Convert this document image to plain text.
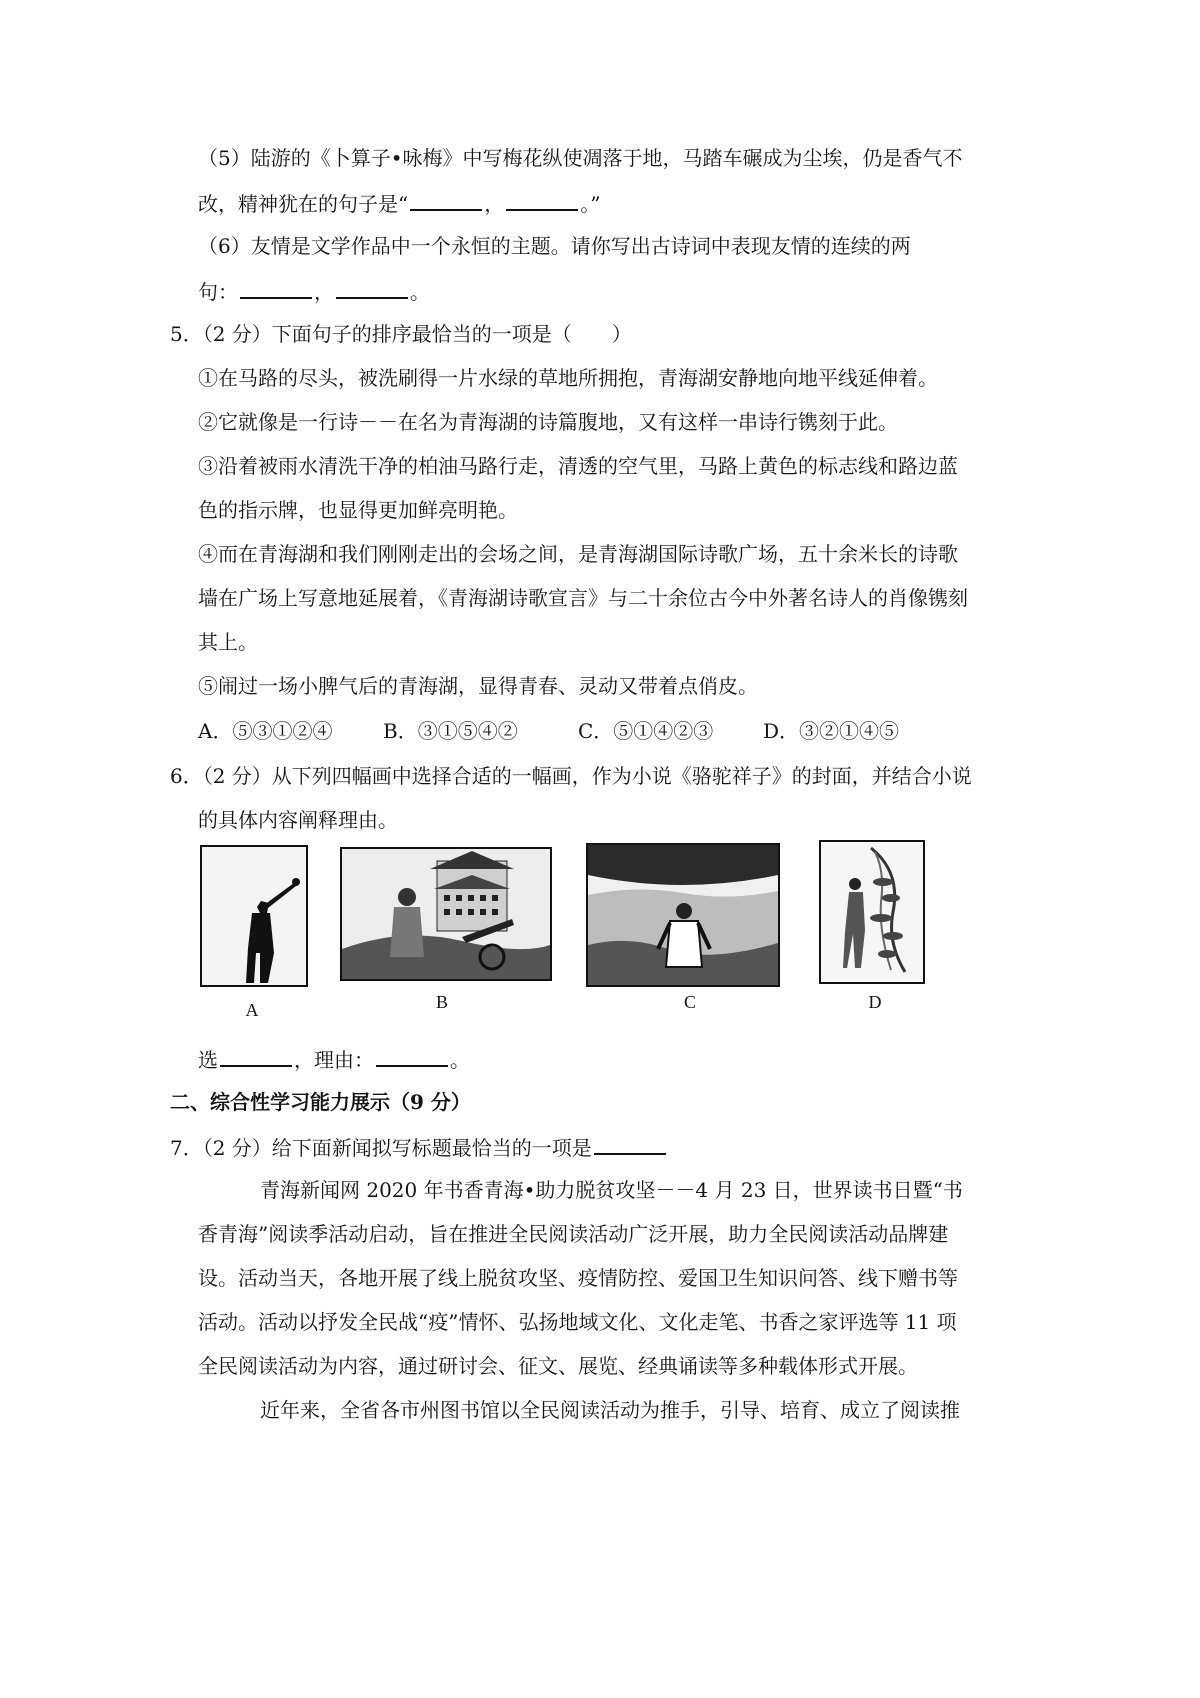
（5）陆游的《卜算子•咏梅》中写梅花纵使凋落于地，马踏车碾成为尘埃，仍是香气不
改，精神犹在的句子是“	，	。”
（6）友情是文学作品中一个永恒的主题。请你写出古诗词中表现友情的连续的两
句：	，	。
5．（2 分）下面句子的排序最恰当的一项是（　　）
①在马路的尽头，被洗刷得一片水绿的草地所拥抱，青海湖安静地向地平线延伸着。
②它就像是一行诗－－在名为青海湖的诗篇腹地，又有这样一串诗行镌刻于此。
③沿着被雨水清洗干净的柏油马路行走，清透的空气里，马路上黄色的标志线和路边蓝
色的指示牌，也显得更加鲜亮明艳。
④而在青海湖和我们刚刚走出的会场之间，是青海湖国际诗歌广场，五十余米长的诗歌
墙在广场上写意地延展着，《青海湖诗歌宣言》与二十余位古今中外著名诗人的肖像镌刻
其上。
⑤闹过一场小脾气后的青海湖，显得青春、灵动又带着点俏皮。
A．⑤③①②④	B．③①⑤④②	C．⑤①④②③ D．③②①④⑤
6．（2 分）从下列四幅画中选择合适的一幅画，作为小说《骆驼祥子》的封面，并结合小说
的具体内容阐释理由。
A	B	C	D
选	，理由：	。
二、综合性学习能力展示（9 分）
7．（2 分）给下面新闻拟写标题最恰当的一项是
青海新闻网 2020 年书香青海•助力脱贫攻坚－－4 月 23 日，世界读书日暨“书
香青海”阅读季活动启动，旨在推进全民阅读活动广泛开展，助力全民阅读活动品牌建
设。活动当天，各地开展了线上脱贫攻坚、疫情防控、爱国卫生知识问答、线下赠书等
活动。活动以抒发全民战“疫”情怀、弘扬地域文化、文化走笔、书香之家评选等 11 项
全民阅读活动为内容，通过研讨会、征文、展览、经典诵读等多种载体形式开展。
近年来，全省各市州图书馆以全民阅读活动为推手，引导、培育、成立了阅读推
